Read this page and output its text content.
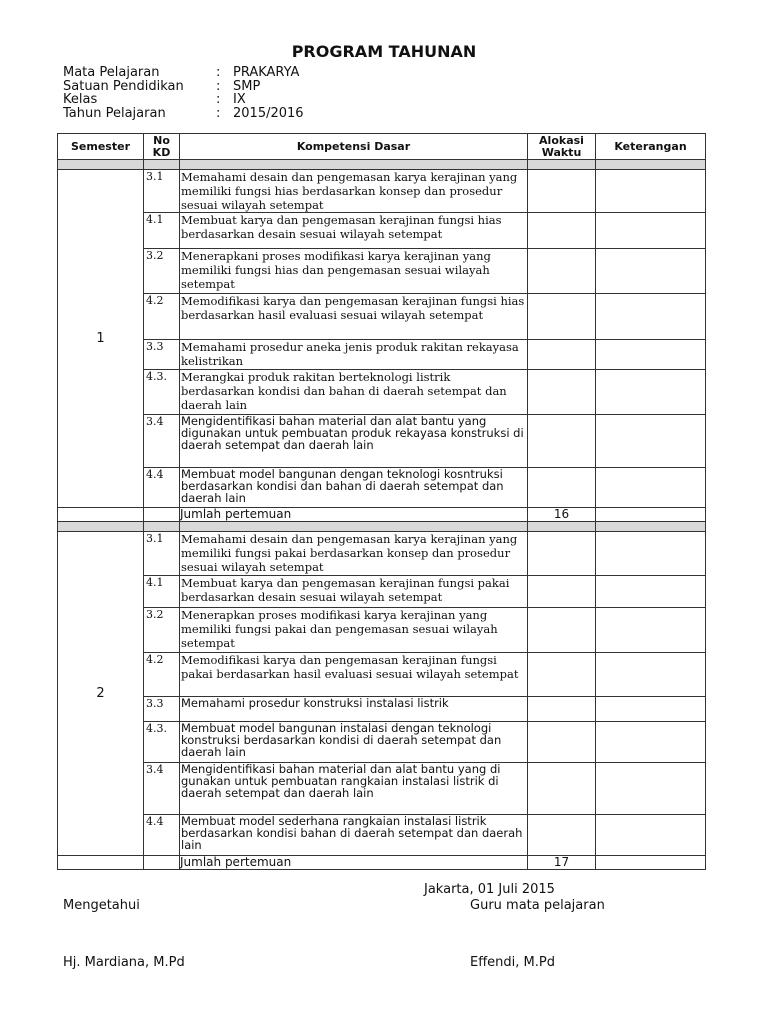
PROGRAM TAHUNAN
Mata Pelajaran	: PRAKARYA
Satuan Pendidikan	: SMP
Kelas	: IX
Tahun Pelajaran	: 2015/2016
Semester	No KD	Kompetensi Dasar	Alokasi Waktu	Keterangan

1	3.1	Memahami desain dan pengemasan karya kerajinan yang memiliki fungsi hias berdasarkan konsep dan prosedur sesuai wilayah setempat		
	4.1	Membuat karya dan pengemasan kerajinan fungsi hias berdasarkan desain sesuai wilayah setempat		
	3.2	Menerapkani proses modifikasi karya kerajinan yang memiliki fungsi hias dan pengemasan sesuai wilayah setempat		
	4.2	Memodifikasi karya dan pengemasan kerajinan fungsi hias berdasarkan hasil evaluasi sesuai wilayah setempat		
	3.3	Memahami prosedur aneka jenis produk rakitan rekayasa kelistrikan		
	4.3.	Merangkai produk rakitan berteknologi listrik berdasarkan kondisi dan bahan di daerah setempat dan daerah lain		
	3.4	Mengidentifikasi bahan material dan alat bantu yang digunakan untuk pembuatan produk rekayasa konstruksi di daerah setempat dan daerah lain		
	4.4	Membuat model bangunan dengan teknologi kosntruksi berdasarkan kondisi dan bahan di daerah setempat dan daerah lain		
		Jumlah pertemuan	16	

2	3.1	Memahami desain dan pengemasan karya kerajinan yang memiliki fungsi pakai berdasarkan konsep dan prosedur sesuai wilayah setempat		
	4.1	Membuat karya dan pengemasan kerajinan fungsi pakai berdasarkan desain sesuai wilayah setempat		
	3.2	Menerapkan proses modifikasi karya kerajinan yang memiliki fungsi pakai dan pengemasan sesuai wilayah setempat		
	4.2	Memodifikasi karya dan pengemasan kerajinan fungsi pakai berdasarkan hasil evaluasi sesuai wilayah setempat		
	3.3	Memahami prosedur konstruksi instalasi listrik		
	4.3.	Membuat model bangunan instalasi dengan teknologi konstruksi berdasarkan kondisi di daerah setempat dan daerah lain		
	3.4	Mengidentifikasi bahan material dan alat bantu yang di gunakan untuk pembuatan rangkaian instalasi listrik di daerah setempat dan daerah lain		
	4.4	Membuat model sederhana rangkaian instalasi listrik berdasarkan kondisi bahan di daerah setempat dan daerah lain		
		Jumlah pertemuan	17	
Jakarta, 01 Juli 2015
Mengetahui	Guru mata pelajaran
Hj. Mardiana, M.Pd	Effendi, M.Pd
